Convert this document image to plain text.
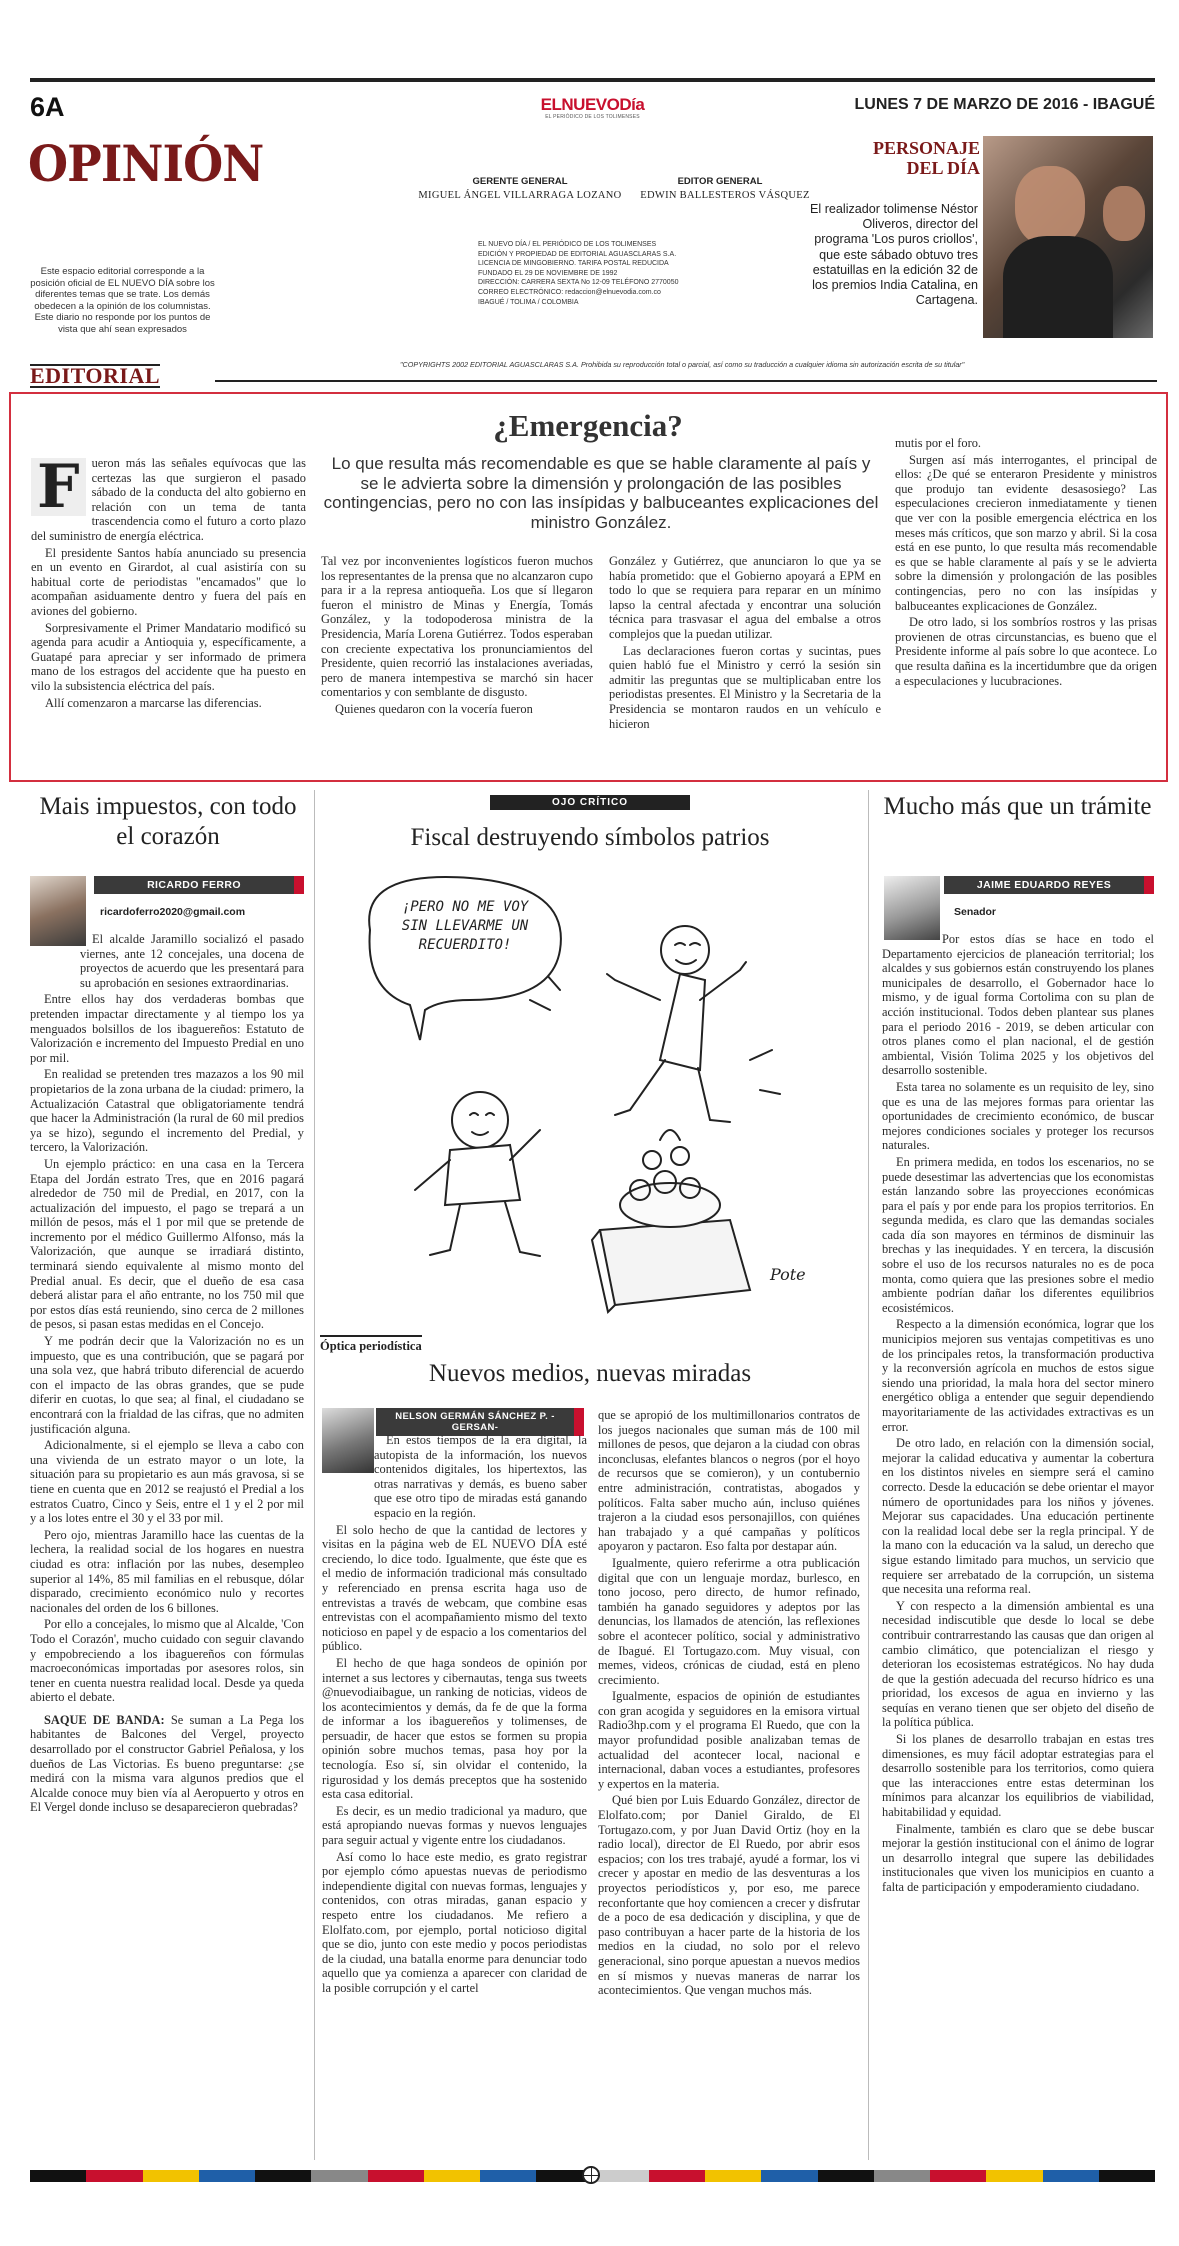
6A	ELNUEVODía
EL PERIÓDICO DE LOS TOLIMENSES
LUNES 7 DE MARZO DE 2016 - IBAGUÉ
OPINIÓN
Este espacio editorial corresponde a la posición oficial de EL NUEVO DÍA sobre los diferentes temas que se trate. Los demás obedecen a la opinión de los columnistas. Este diario no responde por los puntos de vista que ahí sean expresados
GERENTE GENERAL
MIGUEL ÁNGEL VILLARRAGA LOZANO
EDITOR GENERAL
EDWIN BALLESTEROS VÁSQUEZ
EL NUEVO DÍA / EL PERIÓDICO DE LOS TOLIMENSES
EDICIÓN Y PROPIEDAD DE EDITORIAL AGUASCLARAS S.A.
LICENCIA DE MINGOBIERNO. TARIFA POSTAL REDUCIDA
FUNDADO EL 29 DE NOVIEMBRE DE 1992
DIRECCIÓN: CARRERA SEXTA No 12-09 TELÉFONO 2770050
CORREO ELECTRÓNICO: redaccion@elnuevodia.com.co
IBAGUÉ / TOLIMA / COLOMBIA
PERSONAJE DEL DÍA
El realizador tolimense Néstor Oliveros, director del programa 'Los puros criollos', que este sábado obtuvo tres estatuillas en la edición 32 de los premios India Catalina, en Cartagena.
"COPYRIGHTS 2002 EDITORIAL AGUASCLARAS S.A. Prohibida su reproducción total o parcial, así como su traducción a cualquier idioma sin autorización escrita de su titular"
EDITORIAL
¿Emergencia?
Lo que resulta más recomendable es que se hable claramente al país y se le advierta sobre la dimensión y prolongación de las posibles contingencias, pero no con las insípidas y balbuceantes explicaciones del ministro González.
F ueron más las señales equívocas que las certezas las que surgieron el pasado sábado de la conducta del alto gobierno en relación con un tema de tanta trascendencia como el futuro a corto plazo del suministro de energía eléctrica.

El presidente Santos había anunciado su presencia en un evento en Girardot, al cual asistiría con su habitual corte de periodistas "encamados" que lo acompañan asiduamente dentro y fuera del país en aviones del gobierno.

Sorpresivamente el Primer Mandatario modificó su agenda para acudir a Antioquia y, específicamente, a Guatapé para apreciar y ser informado de primera mano de los estragos del accidente que ha puesto en vilo la subsistencia eléctrica del país.

Allí comenzaron a marcarse las diferencias.

Tal vez por inconvenientes logísticos fueron muchos los representantes de la prensa que no alcanzaron cupo para ir a la represa antioqueña. Los que sí llegaron fueron el ministro de Minas y Energía, Tomás González, y la todopoderosa ministra de la Presidencia, María Lorena Gutiérrez. Todos esperaban con creciente expectativa los pronunciamientos del Presidente, quien recorrió las instalaciones averiadas, pero de manera intempestiva se marchó sin hacer comentarios y con semblante de disgusto.

Quienes quedaron con la vocería fueron

González y Gutiérrez, que anunciaron lo que ya se había prometido: que el Gobierno apoyará a EPM en todo lo que se requiera para reparar en un mínimo lapso la central afectada y encontrar una solución técnica para trasvasar el agua del embalse a otros complejos que la puedan utilizar.

Las declaraciones fueron cortas y sucintas, pues quien habló fue el Ministro y cerró la sesión sin admitir las preguntas que se multiplicaban entre los periodistas presentes. El Ministro y la Secretaria de la Presidencia se montaron raudos en un vehículo e hicieron

mutis por el foro.

Surgen así más interrogantes, el principal de ellos: ¿De qué se enteraron Presidente y ministros que produjo tan evidente desasosiego? Las especulaciones crecieron inmediatamente y tienen que ver con la posible emergencia eléctrica en los meses más críticos, que son marzo y abril. Si la cosa está en ese punto, lo que resulta más recomendable es que se hable claramente al país y se le advierta sobre la dimensión y prolongación de las posibles contingencias, pero no con las insípidas y balbuceantes explicaciones de González.

De otro lado, si los sombríos rostros y las prisas provienen de otras circunstancias, es bueno que el Presidente informe al país sobre lo que acontece. Lo que resulta dañina es la incertidumbre que da origen a especulaciones y lucubraciones.

Mais impuestos, con todo el corazón
RICARDO FERRO
ricardoferro2020@gmail.com

El alcalde Jaramillo socializó el pasado viernes, ante 12 concejales, una docena de proyectos de acuerdo que les presentará para su aprobación en sesiones extraordinarias.

Entre ellos hay dos verdaderas bombas que pretenden impactar directamente y al tiempo los ya menguados bolsillos de los ibaguereños: Estatuto de Valorización e incremento del Impuesto Predial en uno por mil.

En realidad se pretenden tres mazazos a los 90 mil propietarios de la zona urbana de la ciudad: primero, la Actualización Catastral que obligatoriamente tendrá que hacer la Administración (la rural de 60 mil predios ya se hizo), segundo el incremento del Predial, y tercero, la Valorización.

Un ejemplo práctico: en una casa en la Tercera Etapa del Jordán estrato Tres, que en 2016 pagará alrededor de 750 mil de Predial, en 2017, con la actualización del impuesto, el pago se trepará a un millón de pesos, más el 1 por mil que se pretende de incremento por el médico Guillermo Alfonso, más la Valorización, que aunque se irradiará distinto, terminará siendo equivalente al mismo monto del Predial anual. Es decir, que el dueño de esa casa deberá alistar para el año entrante, no los 750 mil que por estos días está reuniendo, sino cerca de 2 millones de pesos, si pasan estas medidas en el Concejo.

Y me podrán decir que la Valorización no es un impuesto, que es una contribución, que se pagará por una sola vez, que habrá tributo diferencial de acuerdo con el impacto de las obras grandes, que se pude diferir en cuotas, lo que sea; al final, el ciudadano se encontrará con la frialdad de las cifras, que no admiten justificación alguna.

Adicionalmente, si el ejemplo se lleva a cabo con una vivienda de un estrato mayor o un lote, la situación para su propietario es aun más gravosa, si se tiene en cuenta que en 2012 se reajustó el Predial a los estratos Cuatro, Cinco y Seis, entre el 1 y el 2 por mil y a los lotes entre el 30 y el 33 por mil.

Pero ojo, mientras Jaramillo hace las cuentas de la lechera, la realidad social de los hogares en nuestra ciudad es otra: inflación por las nubes, desempleo superior al 14%, 85 mil familias en el rebusque, dólar disparado, crecimiento económico nulo y recortes nacionales del orden de los 6 billones.

Por ello a concejales, lo mismo que al Alcalde, 'Con Todo el Corazón', mucho cuidado con seguir clavando y empobreciendo a los ibaguereños con fórmulas macroeconómicas importadas por asesores rolos, sin tener en cuenta nuestra realidad local. Desde ya queda abierto el debate.

SAQUE DE BANDA: Se suman a La Pega los habitantes de Balcones del Vergel, proyecto desarrollado por el constructor Gabriel Peñalosa, y los dueños de Las Victorias. Es bueno preguntarse: ¿se medirá con la misma vara algunos predios que el Alcalde conoce muy bien vía al Aeropuerto y otros en El Vergel donde incluso se desaparecieron quebradas?

OJO CRÍTICO
Fiscal destruyendo símbolos patrios
¡PERO NO ME VOY SIN LLEVARME UN RECUERDITO!
Pote
Óptica periodística
Nuevos medios, nuevas miradas
NELSON GERMÁN SÁNCHEZ P. -GERSAN-

En estos tiempos de la era digital, la autopista de la información, los nuevos contenidos digitales, los hipertextos, las otras narrativas y demás, es bueno saber que ese otro tipo de miradas está ganando espacio en la región.

El solo hecho de que la cantidad de lectores y visitas en la página web de EL NUEVO DÍA esté creciendo, lo dice todo. Igualmente, que éste que es el medio de información tradicional más consultado y referenciado en prensa escrita haga uso de entrevistas a través de webcam, que combine esas entrevistas con el acompañamiento mismo del texto noticioso en papel y de espacio a los comentarios del público.

El hecho de que haga sondeos de opinión por internet a sus lectores y cibernautas, tenga sus tweets @nuevodiaibague, un ranking de noticias, videos de los acontecimientos y demás, da fe de que la forma de informar a los ibaguereños y tolimenses, de persuadir, de hacer que estos se formen su propia opinión sobre muchos temas, pasa hoy por la tecnología. Eso sí, sin olvidar el contenido, la rigurosidad y los demás preceptos que ha sostenido esta casa editorial.

Es decir, es un medio tradicional ya maduro, que está apropiando nuevas formas y nuevos lenguajes para seguir actual y vigente entre los ciudadanos.

Así como lo hace este medio, es grato registrar por ejemplo cómo apuestas nuevas de periodismo independiente digital con nuevas formas, lenguajes y contenidos, con otras miradas, ganan espacio y respeto entre los ciudadanos. Me refiero a Elolfato.com, por ejemplo, portal noticioso digital que se dio, junto con este medio y pocos periodistas de la ciudad, una batalla enorme para denunciar todo aquello que ya comienza a aparecer con claridad de la posible corrupción y el cartel

que se apropió de los multimillonarios contratos de los juegos nacionales que suman más de 100 mil millones de pesos, que dejaron a la ciudad con obras inconclusas, elefantes blancos o negros (por el hoyo de recursos que se comieron), y un contubernio entre administración, contratistas, abogados y políticos. Falta saber mucho aún, incluso quiénes trajeron a la ciudad esos personajillos, con quiénes han trabajado y a qué campañas y políticos apoyaron y pactaron. Eso falta por destapar aún.

Igualmente, quiero referirme a otra publicación digital que con un lenguaje mordaz, burlesco, en tono jocoso, pero directo, de humor refinado, también ha ganado seguidores y adeptos por las denuncias, los llamados de atención, las reflexiones sobre el acontecer político, social y administrativo de Ibagué. El Tortugazo.com. Muy visual, con memes, videos, crónicas de ciudad, está en pleno crecimiento.

Igualmente, espacios de opinión de estudiantes con gran acogida y seguidores en la emisora virtual Radio3hp.com y el programa El Ruedo, que con la mayor profundidad posible analizaban temas de actualidad del acontecer local, nacional e internacional, daban voces a estudiantes, profesores y expertos en la materia.

Qué bien por Luis Eduardo González, director de Elolfato.com; por Daniel Giraldo, de El Tortugazo.com, y por Juan David Ortiz (hoy en la radio local), director de El Ruedo, por abrir esos espacios; con los tres trabajé, ayudé a formar, los vi crecer y apostar en medio de las desventuras a los proyectos periodísticos y, por eso, me parece reconfortante que hoy comiencen a crecer y disfrutar de a poco de esa dedicación y disciplina, y que de paso contribuyan a hacer parte de la historia de los medios en la ciudad, no solo por el relevo generacional, sino porque apuestan a nuevos medios en sí mismos y nuevas maneras de narrar los acontecimientos. Que vengan muchos más.

Mucho más que un trámite
JAIME EDUARDO REYES
Senador

Por estos días se hace en todo el Departamento ejercicios de planeación territorial; los alcaldes y sus gobiernos están construyendo los planes municipales de desarrollo, el Gobernador hace lo mismo, y de igual forma Cortolima con su plan de acción institucional. Todos deben plantear sus planes para el periodo 2016 - 2019, se deben articular con otros planes como el plan nacional, el de gestión ambiental, Visión Tolima 2025 y los objetivos del desarrollo sostenible.

Esta tarea no solamente es un requisito de ley, sino que es una de las mejores formas para orientar las oportunidades de crecimiento económico, de buscar mejores condiciones sociales y proteger los recursos naturales.

En primera medida, en todos los escenarios, no se puede desestimar las advertencias que los economistas están lanzando sobre las proyecciones económicas para el país y por ende para los propios territorios. En segunda medida, es claro que las demandas sociales cada día son mayores en términos de disminuir las brechas y las inequidades. Y en tercera, la discusión sobre el uso de los recursos naturales no es de poca monta, como quiera que las presiones sobre el medio ambiente podrían dañar los diferentes equilibrios ecosistémicos.

Respecto a la dimensión económica, lograr que los municipios mejoren sus ventajas competitivas es uno de los principales retos, la transformación productiva y la reconversión agrícola en muchos de estos sigue siendo una prioridad, la mala hora del sector minero energético obliga a entender que seguir dependiendo mayoritariamente de las actividades extractivas es un error.

De otro lado, en relación con la dimensión social, mejorar la calidad educativa y aumentar la cobertura en los distintos niveles en siempre será el camino correcto. Desde la educación se debe orientar el mayor número de oportunidades para los niños y jóvenes. Mejorar sus capacidades. Una educación pertinente con la realidad local debe ser la regla principal. Y de la mano con la educación va la salud, un derecho que sigue estando limitado para muchos, un servicio que requiere ser arrebatado de la corrupción, un sistema que necesita una reforma real.

Y con respecto a la dimensión ambiental es una necesidad indiscutible que desde lo local se debe contribuir contrarrestando las causas que dan origen al cambio climático, que potencializan el riesgo y deterioran los ecosistemas estratégicos. No hay duda de que la gestión adecuada del recurso hídrico es una prioridad, los excesos de agua en invierno y las sequías en verano tienen que ser objeto del diseño de la política pública.

Si los planes de desarrollo trabajan en estas tres dimensiones, es muy fácil adoptar estrategias para el desarrollo sostenible para los territorios, como quiera que las interacciones entre estas determinan los mínimos para alcanzar los equilibrios de viabilidad, habitabilidad y equidad.

Finalmente, también es claro que se debe buscar mejorar la gestión institucional con el ánimo de lograr un desarrollo integral que supere las debilidades institucionales que viven los municipios en cuanto a falta de participación y empoderamiento ciudadano.
